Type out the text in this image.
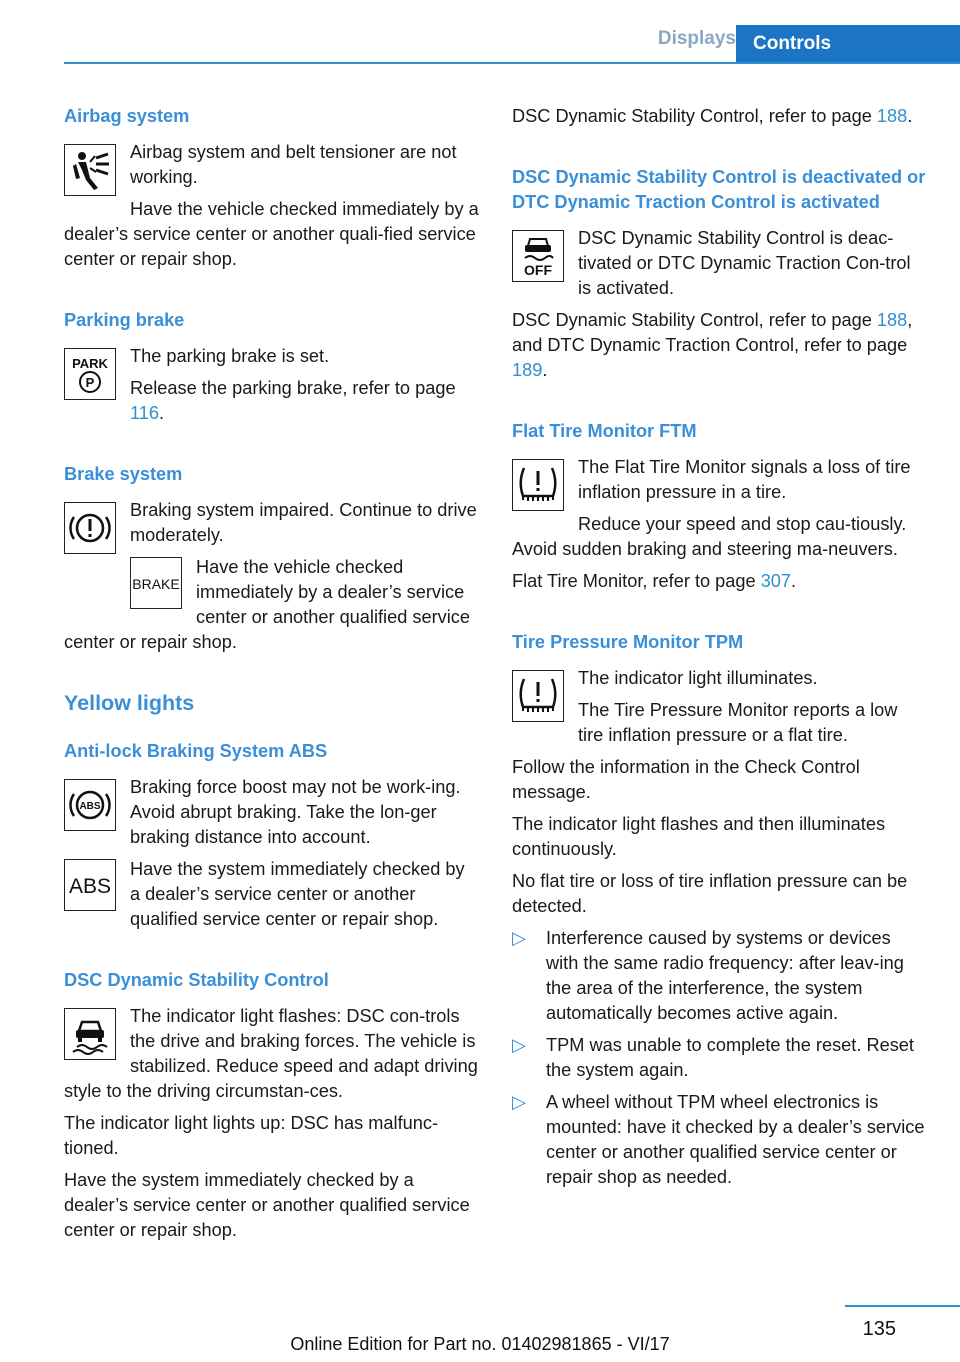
Displays Controls
Airbag system

Airbag system and belt tensioner are not working.

Have the vehicle checked immediately by a dealer’s service center or another quali‐fied service center or repair shop.

Parking brake
PARK
P

The parking brake is set.

Release the parking brake, refer to page 116.

Brake system

Braking system impaired. Continue to drive moderately.

BRAKE

Have the vehicle checked immediately by a dealer’s service center or another qualified service center or repair shop.

Yellow lights
Anti-lock Braking System ABS
ABS

Braking force boost may not be work‐ing. Avoid abrupt braking. Take the lon‐ger braking distance into account.

ABS

Have the system immediately checked by a dealer’s service center or another qualified service center or repair shop.

DSC Dynamic Stability Control

The indicator light flashes: DSC con‐trols the drive and braking forces. The vehicle is stabilized. Reduce speed and adapt driving style to the driving circumstan‐ces.

The indicator light lights up: DSC has malfunc‐tioned.

Have the system immediately checked by a dealer’s service center or another qualified service center or repair shop.

DSC Dynamic Stability Control, refer to page 188.

DSC Dynamic Stability Control is deactivated or DTC Dynamic Traction Control is activated
OFF

DSC Dynamic Stability Control is deac‐tivated or DTC Dynamic Traction Con‐trol is activated.

DSC Dynamic Stability Control, refer to page 188, and DTC Dynamic Traction Control, refer to page 189.

Flat Tire Monitor FTM

The Flat Tire Monitor signals a loss of tire inflation pressure in a tire.

Reduce your speed and stop cau‐tiously. Avoid sudden braking and steering ma‐neuvers.

Flat Tire Monitor, refer to page 307.

Tire Pressure Monitor TPM

The indicator light illuminates.

The Tire Pressure Monitor reports a low tire inflation pressure or a flat tire.

Follow the information in the Check Control message.

The indicator light flashes and then illuminates continuously.

No flat tire or loss of tire inflation pressure can be detected.

▷ Interference caused by systems or devices with the same radio frequency: after leav‐ing the area of the interference, the system automatically becomes active again.
▷ TPM was unable to complete the reset. Reset the system again.
▷ A wheel without TPM wheel electronics is mounted: have it checked by a dealer’s service center or another qualified service center or repair shop as needed.
135
Online Edition for Part no. 01402981865 - VI/17
